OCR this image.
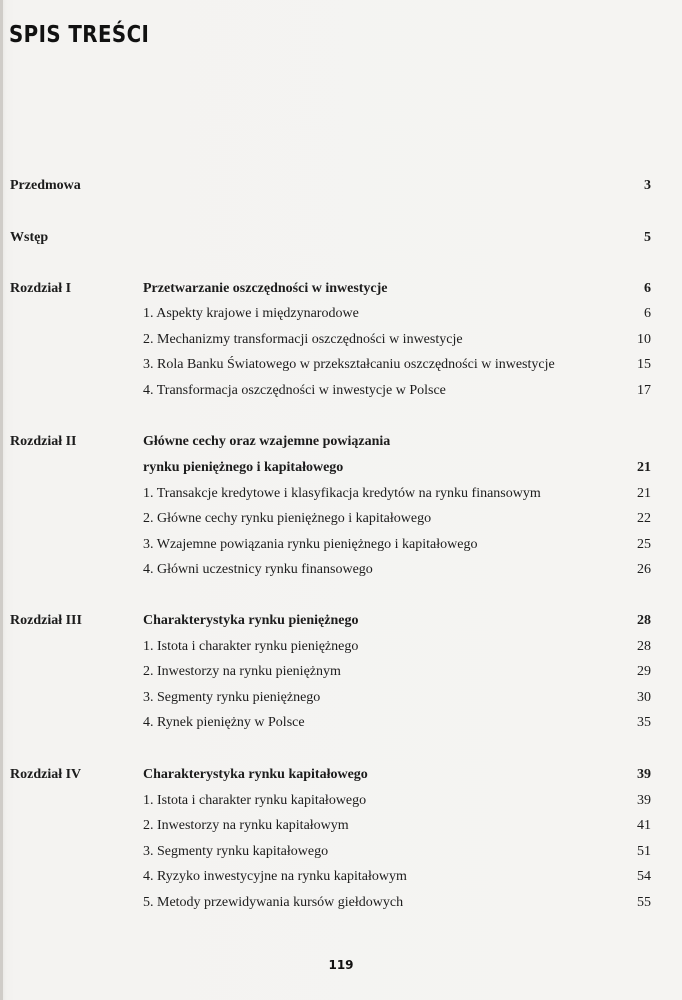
SPIS TREŚCI
Przedmowa	3
Wstęp	5
Rozdział I	Przetwarzanie oszczędności w inwestycje	6
1. Aspekty krajowe i międzynarodowe	6
2. Mechanizmy transformacji oszczędności w inwestycje	10
3. Rola Banku Światowego w przekształcaniu oszczędności w inwestycje	15
4. Transformacja oszczędności w inwestycje w Polsce	17
Rozdział II	Główne cechy oraz wzajemne powiązania
rynku pieniężnego i kapitałowego	21
1. Transakcje kredytowe i klasyfikacja kredytów na rynku finansowym	21
2. Główne cechy rynku pieniężnego i kapitałowego	22
3. Wzajemne powiązania rynku pieniężnego i kapitałowego	25
4. Główni uczestnicy rynku finansowego	26
Rozdział III	Charakterystyka rynku pieniężnego	28
1. Istota i charakter rynku pieniężnego	28
2. Inwestorzy na rynku pieniężnym	29
3. Segmenty rynku pieniężnego	30
4. Rynek pieniężny w Polsce	35
Rozdział IV	Charakterystyka rynku kapitałowego	39
1. Istota i charakter rynku kapitałowego	39
2. Inwestorzy na rynku kapitałowym	41
3. Segmenty rynku kapitałowego	51
4. Ryzyko inwestycyjne na rynku kapitałowym	54
5. Metody przewidywania kursów giełdowych	55
119
